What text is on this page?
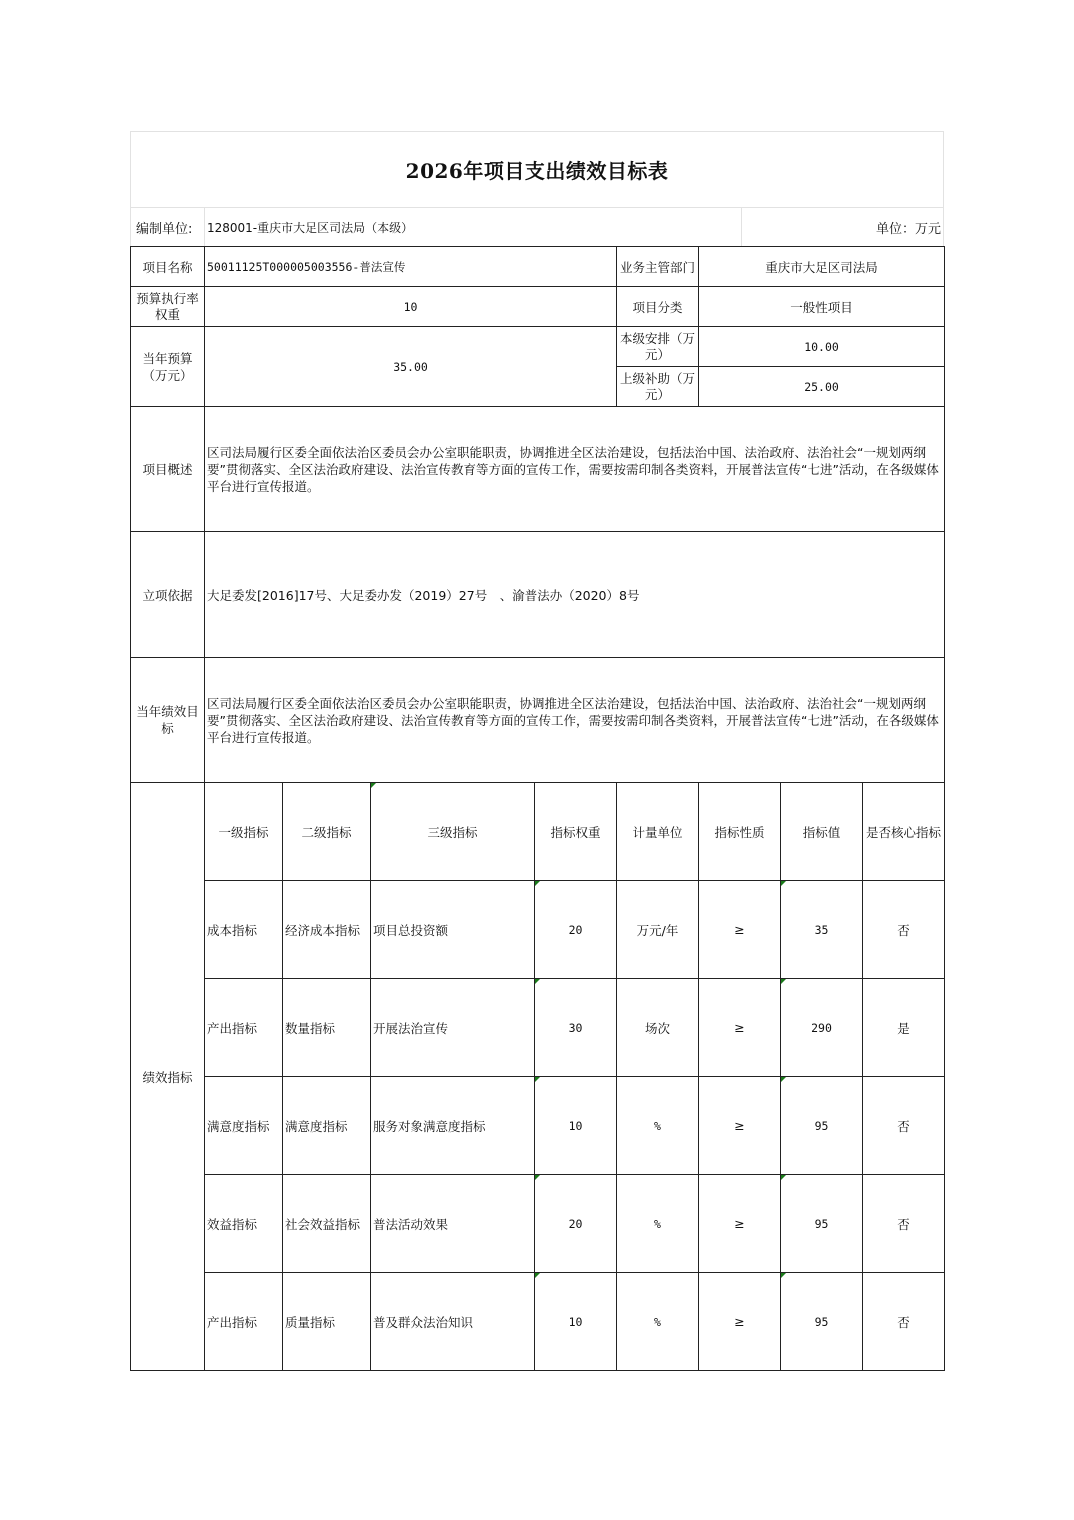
2026年项目支出绩效目标表
编制单位:	128001-重庆市大足区司法局（本级）	单位：万元
项目名称	50011125T000005003556-普法宣传				业务主管部门	重庆市大足区司法局		
预算执行率权重	10				项目分类	一般性项目		
当年预算（万元）	35.00				本级安排（万元）	10.00		
					上级补助（万元）	25.00		
项目概述	区司法局履行区委全面依法治区委员会办公室职能职责，协调推进全区法治建设，包括法治中国、法治政府、法治社会“一规划两纲要”贯彻落实、全区法治政府建设、法治宣传教育等方面的宣传工作，需要按需印制各类资料，开展普法宣传“七进”活动，在各级媒体平台进行宣传报道。							
立项依据	大足委发[2016]17号、大足委办发（2019）27号　、渝普法办（2020）8号							
当年绩效目标	区司法局履行区委全面依法治区委员会办公室职能职责，协调推进全区法治建设，包括法治中国、法治政府、法治社会“一规划两纲要”贯彻落实、全区法治政府建设、法治宣传教育等方面的宣传工作，需要按需印制各类资料，开展普法宣传“七进”活动，在各级媒体平台进行宣传报道。							
绩效指标	一级指标	二级指标	三级指标	指标权重	计量单位	指标性质	指标值	是否核心指标
	成本指标	经济成本指标	项目总投资额	20	万元/年	≥	35	否
	产出指标	数量指标	开展法治宣传	30	场次	≥	290	是
	满意度指标	满意度指标	服务对象满意度指标	10	%	≥	95	否
	效益指标	社会效益指标	普法活动效果	20	%	≥	95	否
	产出指标	质量指标	普及群众法治知识	10	%	≥	95	否
